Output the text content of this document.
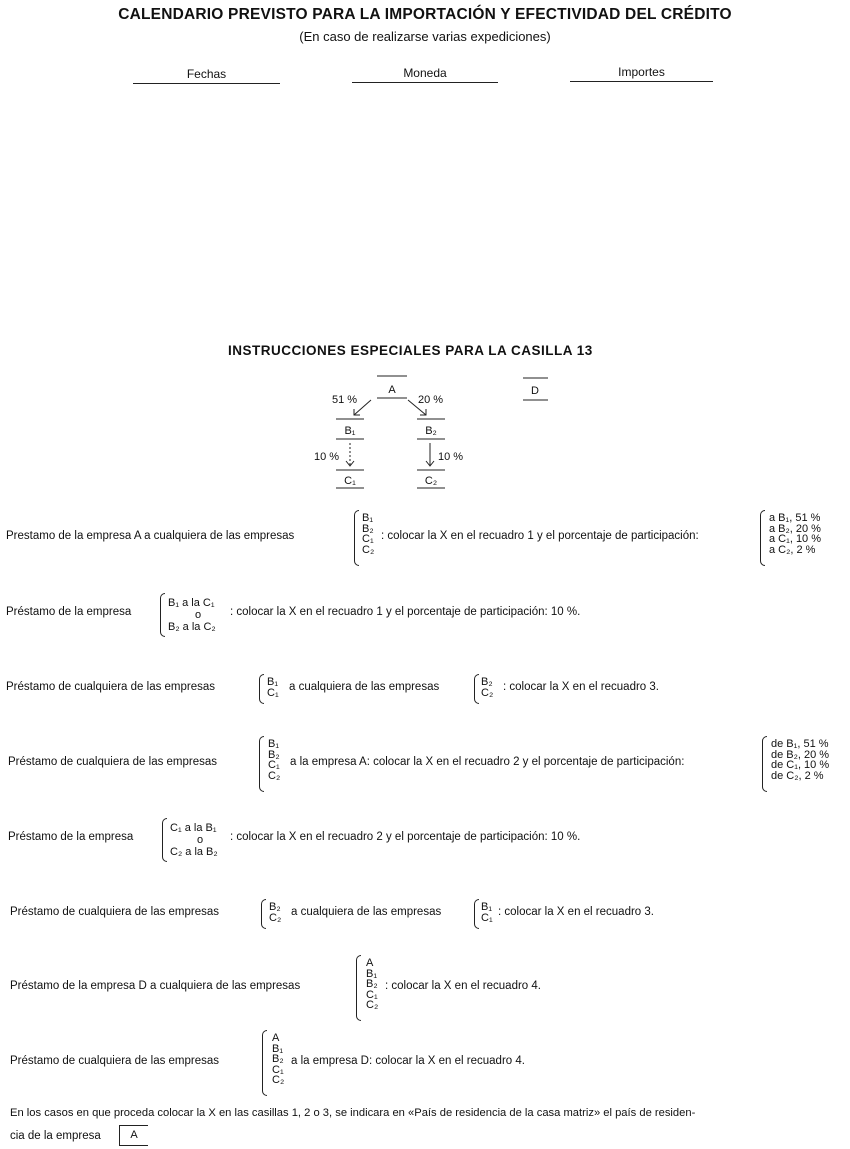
CALENDARIO PREVISTO PARA LA IMPORTACIÓN Y EFECTIVIDAD DEL CRÉDITO
(En caso de realizarse varias expediciones)
Fechas	Moneda	Importes
INSTRUCCIONES ESPECIALES PARA LA CASILLA 13
A
B₁	B₂
C₁	C₂
D
51 %	20 %
10 %	10 %
Prestamo de la empresa A a cualquiera de las empresas
B₁
B₂
C₁
C₂
: colocar la X en el recuadro 1 y el porcentaje de participación:
a B₁, 51 %
a B₂, 20 %
a C₁, 10 %
a C₂, 2 %
Préstamo de la empresa
B₁ a la C₁
o
B₂ a la C₂
: colocar la X en el recuadro 1 y el porcentaje de participación: 10 %.
Préstamo de cualquiera de las empresas	B₁
C₁ a cualquiera de las empresas	B₂
C₂ : colocar la X en el recuadro 3.
Préstamo de cualquiera de las empresas
B₁
B₂
C₁
C₂
a la empresa A: colocar la X en el recuadro 2 y el porcentaje de participación:
de B₁, 51 %
de B₂, 20 %
de C₁, 10 %
de C₂, 2 %
Préstamo de la empresa
C₁ a la B₁
o
C₂ a la B₂
: colocar la X en el recuadro 2 y el porcentaje de participación: 10 %.
Préstamo de cualquiera de las empresas	B₂
C₂ a cualquiera de las empresas	B₁
C₁ : colocar la X en el recuadro 3.
Préstamo de la empresa D a cualquiera de las empresas
A
B₁
B₂
C₁
C₂
: colocar la X en el recuadro 4.
Préstamo de cualquiera de las empresas
A
B₁
B₂
C₁
C₂
a la empresa D: colocar la X en el recuadro 4.
En los casos en que proceda colocar la X en las casillas 1, 2 o 3, se indicara en «País de residencia de la casa matriz» el país de residen-
cia de la empresa	A
